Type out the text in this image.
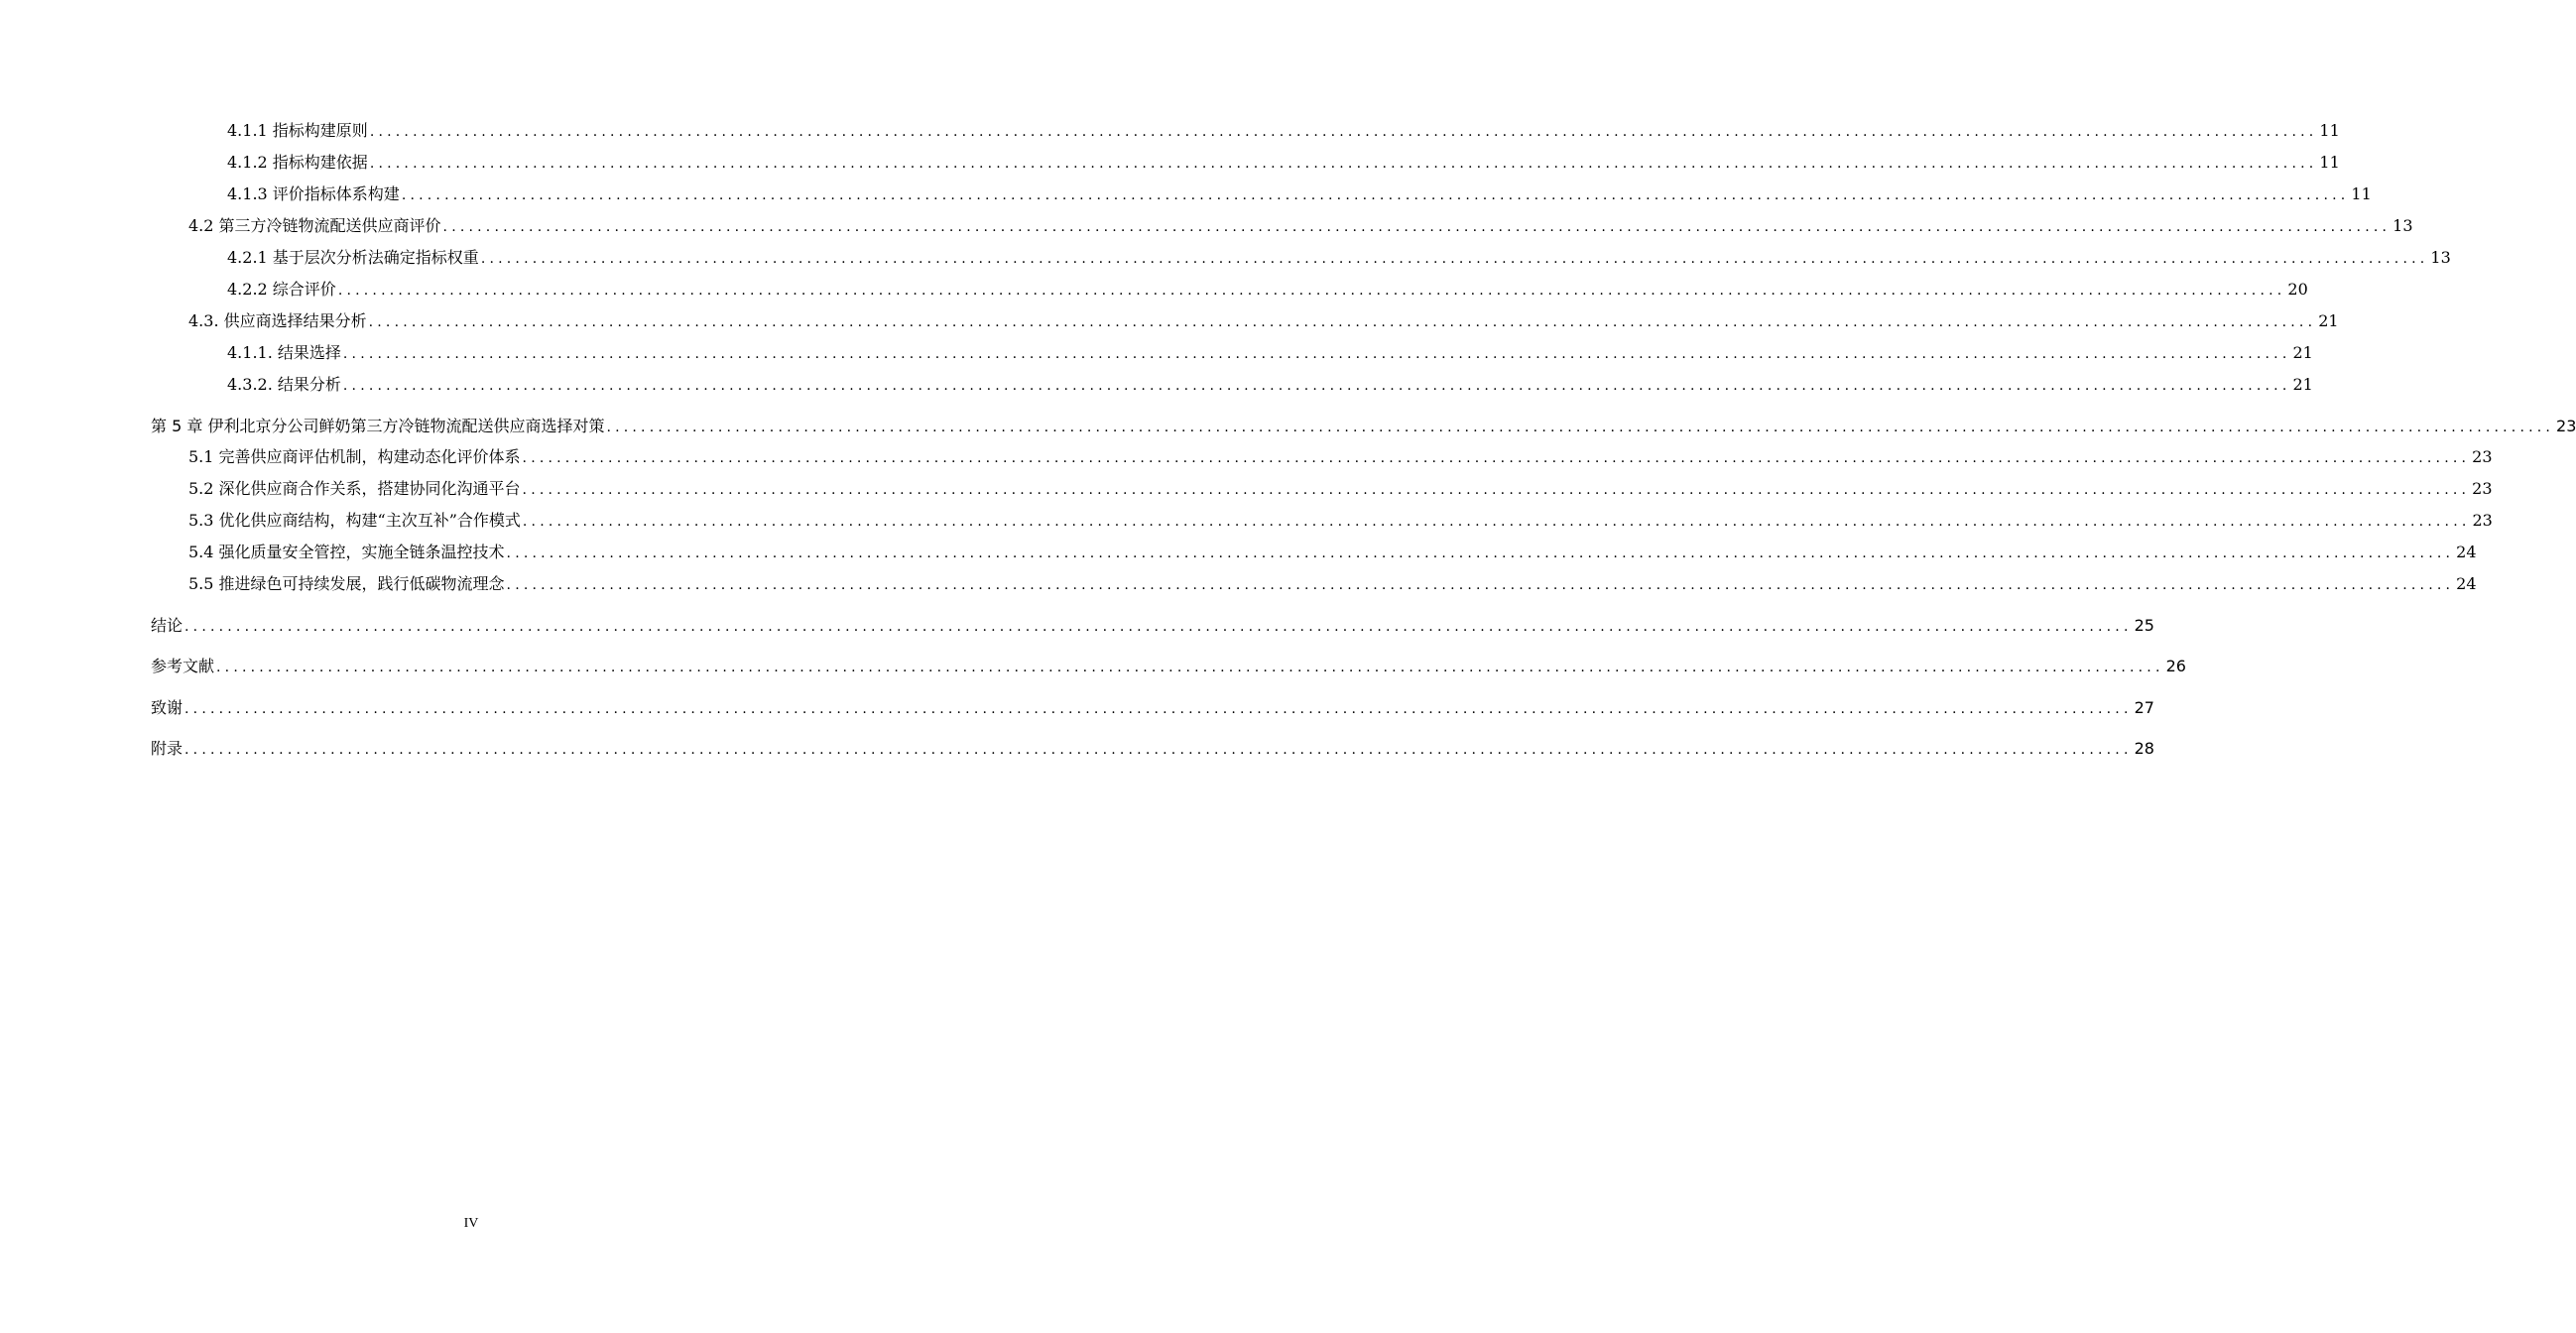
4.1.1 指标构建原则 ................................................................................................................................................................................................................................... 11
4.1.2 指标构建依据 ................................................................................................................................................................................................................................... 11
4.1.3 评价指标体系构建 ................................................................................................................................................................................................................................... 11
4.2 第三方冷链物流配送供应商评价 ................................................................................................................................................................................................................................... 13
4.2.1 基于层次分析法确定指标权重 ................................................................................................................................................................................................................................... 13
4.2.2 综合评价 ................................................................................................................................................................................................................................... 20
4.3. 供应商选择结果分析 ................................................................................................................................................................................................................................... 21
4.1.1. 结果选择 ................................................................................................................................................................................................................................... 21
4.3.2. 结果分析 ................................................................................................................................................................................................................................... 21
第 5 章 伊利北京分公司鲜奶第三方冷链物流配送供应商选择对策 ................................................................................................................................................................................................................................... 23
5.1 完善供应商评估机制，构建动态化评价体系 ................................................................................................................................................................................................................................... 23
5.2 深化供应商合作关系，搭建协同化沟通平台 ................................................................................................................................................................................................................................... 23
5.3 优化供应商结构，构建“主次互补”合作模式 ................................................................................................................................................................................................................................... 23
5.4 强化质量安全管控，实施全链条温控技术 ................................................................................................................................................................................................................................... 24
5.5 推进绿色可持续发展，践行低碳物流理念 ................................................................................................................................................................................................................................... 24
结论 ................................................................................................................................................................................................................................... 25
参考文献 ................................................................................................................................................................................................................................... 26
致谢 ................................................................................................................................................................................................................................... 27
附录 ................................................................................................................................................................................................................................... 28
IV
